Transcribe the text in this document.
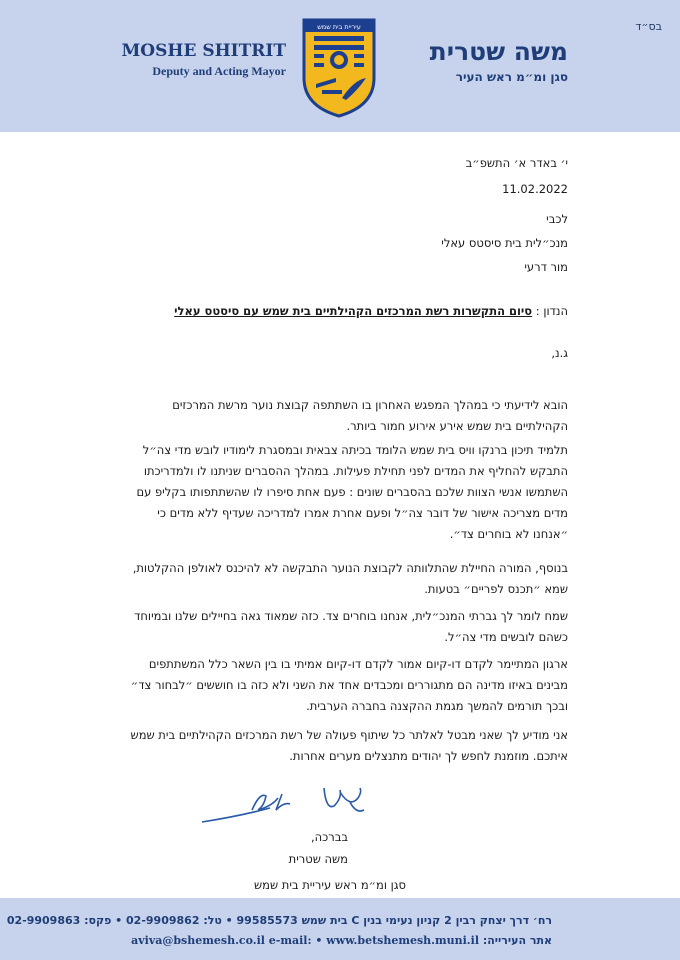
בס״ד
משה שטרית
סגן ומ״מ ראש העיר
MOSHE SHITRIT
Deputy and Acting Mayor
עיריית בית שמש
י׳ באדר א׳ התשפ״ב
11.02.2022
לכבי
מנכ״לית בית סיסטס עאלי
מור דרעי
הנדון : סיום התקשרות רשת המרכזים הקהילתיים בית שמש עם סיסטס עאלי
ג.נ,
הובא לידיעתי כי במהלך המפגש האחרון בו השתתפה קבוצת נוער מרשת המרכזים הקהילתיים בית שמש אירע אירוע חמור ביותר.
תלמיד תיכון ברנקו וויס בית שמש הלומד בכיתה צבאית ובמסגרת לימודיו לובש מדי צה״ל התבקש להחליף את המדים לפני תחילת פעילות. במהלך ההסברים שניתנו לו ולמדריכתו השתמשו אנשי הצוות שלכם בהסברים שונים : פעם אחת סיפרו לו שהשתתפותו בקליפ עם מדים מצריכה אישור של דובר צה״ל ופעם אחרת אמרו למדריכה שעדיף ללא מדים כי ״אנחנו לא בוחרים צד״.
בנוסף, המורה החיילת שהתלוותה לקבוצת הנוער התבקשה לא להיכנס לאולפן ההקלטות, שמא ״תכנס לפריים״ בטעות.
שמח לומר לך גברתי המנכ״לית, אנחנו בוחרים צד. כזה שמאוד גאה בחיילים שלנו ובמיוחד כשהם לובשים מדי צה״ל.
ארגון המתיימר לקדם דו-קיום אמור לקדם דו-קיום אמיתי בו בין השאר כלל המשתתפים מבינים באיזו מדינה הם מתגוררים ומכבדים אחד את השני ולא כזה בו חוששים ״לבחור צד״ ובכך תורמים להמשך מגמת ההקצנה בחברה הערבית.
אני מודיע לך שאני מבטל לאלתר כל שיתוף פעולה של רשת המרכזים הקהילתיים בית שמש איתכם. מוזמנת לחפש לך יהודים מתנצלים מערים אחרות.
בברכה,
משה שטרית
סגן ומ״מ ראש עיריית בית שמש
רח׳ דרך יצחק רבין 2 קניון נעימי בנין C בית שמש 99585573 • טל: 02-9909862 • פקס: 02-9909863
אתר העירייה: www.betshemesh.muni.il • e-mail: aviva@bshemesh.co.il
